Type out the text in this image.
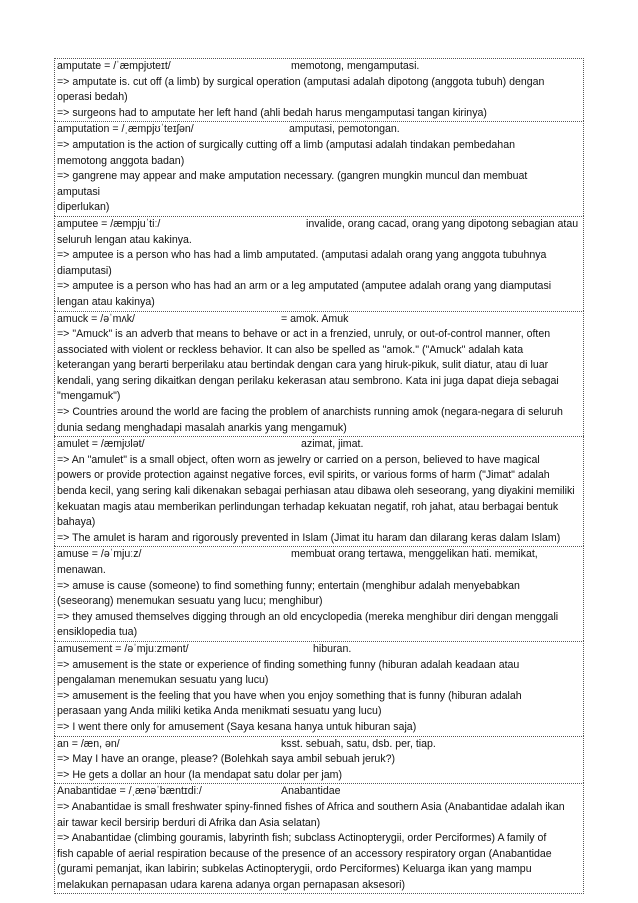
amputate = /ˈæmpjʊteɪt/	memotong, mengamputasi.
=> amputate is. cut off (a limb) by surgical operation (amputasi adalah dipotong (anggota tubuh) dengan
operasi bedah)
=> surgeons had to amputate her left hand (ahli bedah harus mengamputasi tangan kirinya)
amputation = /ˌæmpjʊˈteɪʃən/	amputasi, pemotongan.
=> amputation is the action of surgically cutting off a limb (amputasi adalah tindakan pembedahan
memotong anggota badan)
=> gangrene may appear and make amputation necessary. (gangren mungkin muncul dan membuat
amputasi
diperlukan)
amputee = /æmpjuˈtiː/	invalide, orang cacad, orang yang dipotong sebagian atau
seluruh lengan atau kakinya.
=> amputee is a person who has had a limb amputated. (amputasi adalah orang yang anggota tubuhnya
diamputasi)
=> amputee is a person who has had an arm or a leg amputated (amputee adalah orang yang diamputasi
lengan atau kakinya)
amuck = /əˈmʌk/	= amok. Amuk
=> "Amuck" is an adverb that means to behave or act in a frenzied, unruly, or out-of-control manner, often
associated with violent or reckless behavior. It can also be spelled as "amok." ("Amuck" adalah kata
keterangan yang berarti berperilaku atau bertindak dengan cara yang hiruk-pikuk, sulit diatur, atau di luar
kendali, yang sering dikaitkan dengan perilaku kekerasan atau sembrono. Kata ini juga dapat dieja sebagai
"mengamuk")
=> Countries around the world are facing the problem of anarchists running amok (negara-negara di seluruh
dunia sedang menghadapi masalah anarkis yang mengamuk)
amulet = /æmjʊlət/	azimat, jimat.
=> An "amulet" is a small object, often worn as jewelry or carried on a person, believed to have magical
powers or provide protection against negative forces, evil spirits, or various forms of harm ("Jimat" adalah
benda kecil, yang sering kali dikenakan sebagai perhiasan atau dibawa oleh seseorang, yang diyakini memiliki
kekuatan magis atau memberikan perlindungan terhadap kekuatan negatif, roh jahat, atau berbagai bentuk
bahaya)
=> The amulet is haram and rigorously prevented in Islam (Jimat itu haram dan dilarang keras dalam Islam)
amuse = /əˈmjuːz/	membuat orang tertawa, menggelikan hati. memikat,
menawan.
=> amuse is cause (someone) to find something funny; entertain (menghibur adalah menyebabkan
(seseorang) menemukan sesuatu yang lucu; menghibur)
=> they amused themselves digging through an old encyclopedia (mereka menghibur diri dengan menggali
ensiklopedia tua)
amusement = /əˈmjuːzmənt/	hiburan.
=> amusement is the state or experience of finding something funny (hiburan adalah keadaan atau
pengalaman menemukan sesuatu yang lucu)
=> amusement is the feeling that you have when you enjoy something that is funny (hiburan adalah
perasaan yang Anda miliki ketika Anda menikmati sesuatu yang lucu)
=> I went there only for amusement (Saya kesana hanya untuk hiburan saja)
an = /æn, ən/	ksst. sebuah, satu, dsb. per, tiap.
=> May I have an orange, please? (Bolehkah saya ambil sebuah jeruk?)
=> He gets a dollar an hour (Ia mendapat satu dolar per jam)
Anabantidae = /ˌænəˈbæntɪdiː/	Anabantidae
=> Anabantidae is small freshwater spiny-finned fishes of Africa and southern Asia (Anabantidae adalah ikan
air tawar kecil bersirip berduri di Afrika dan Asia selatan)
=> Anabantidae (climbing gouramis, labyrinth fish; subclass Actinopterygii, order Perciformes) A family of
fish capable of aerial respiration because of the presence of an accessory respiratory organ (Anabantidae
(gurami pemanjat, ikan labirin; subkelas Actinopterygii, ordo Perciformes) Keluarga ikan yang mampu
melakukan pernapasan udara karena adanya organ pernapasan aksesori)
